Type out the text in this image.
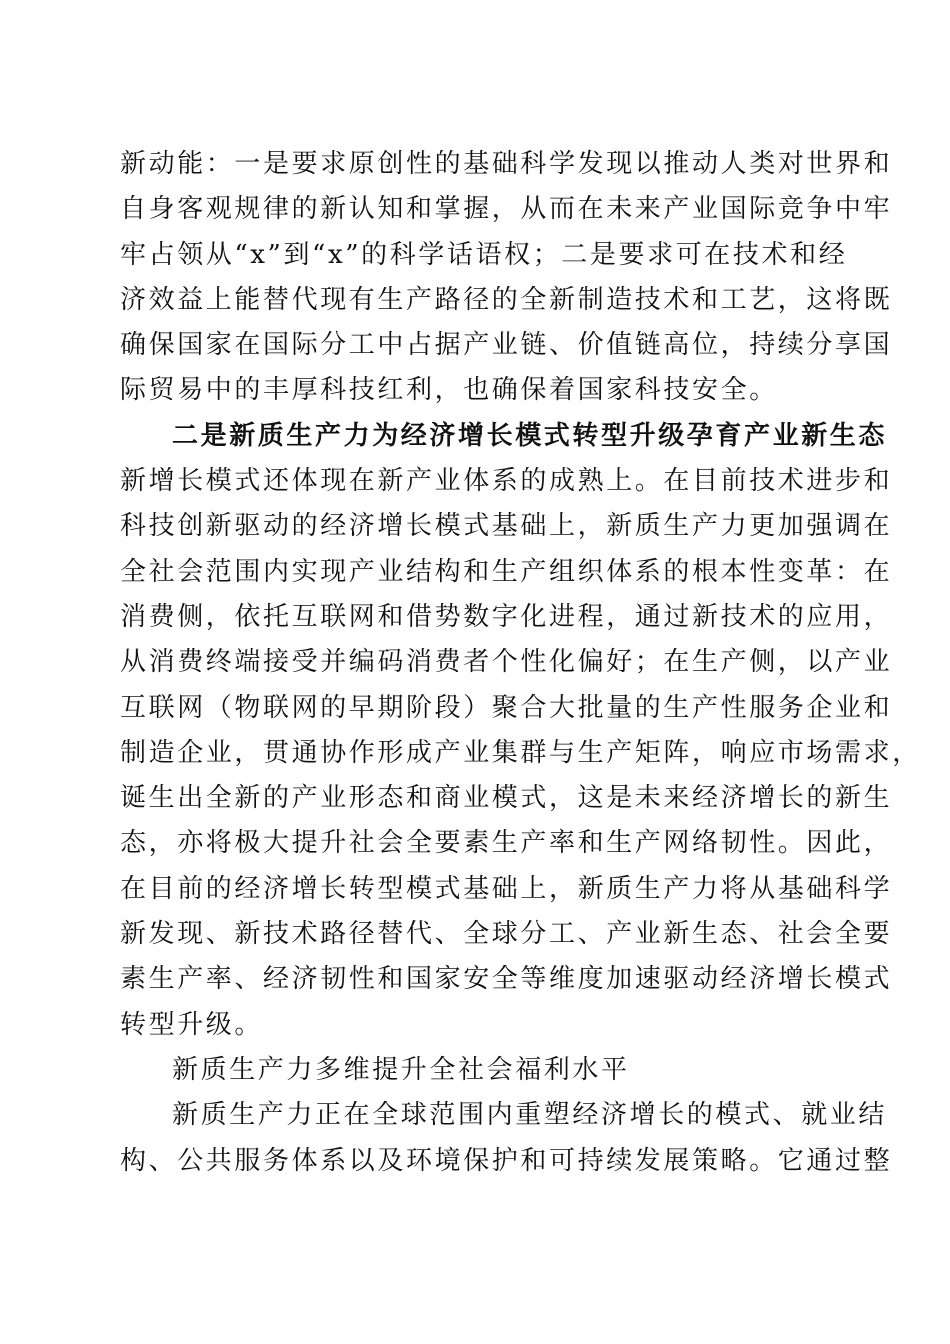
新动能：一是要求原创性的基础科学发现以推动人类对世界和

自身客观规律的新认知和掌握，从而在未来产业国际竞争中牢

牢占领从“x”到“x”的科学话语权；二是要求可在技术和经

济效益上能替代现有生产路径的全新制造技术和工艺，这将既

确保国家在国际分工中占据产业链、价值链高位，持续分享国

际贸易中的丰厚科技红利，也确保着国家科技安全。

二是新质生产力为经济增长模式转型升级孕育产业新生态

新增长模式还体现在新产业体系的成熟上。在目前技术进步和

科技创新驱动的经济增长模式基础上，新质生产力更加强调在

全社会范围内实现产业结构和生产组织体系的根本性变革：在

消费侧，依托互联网和借势数字化进程，通过新技术的应用，

从消费终端接受并编码消费者个性化偏好；在生产侧，以产业

互联网（物联网的早期阶段）聚合大批量的生产性服务企业和

制造企业，贯通协作形成产业集群与生产矩阵，响应市场需求，

诞生出全新的产业形态和商业模式，这是未来经济增长的新生

态，亦将极大提升社会全要素生产率和生产网络韧性。因此，

在目前的经济增长转型模式基础上，新质生产力将从基础科学

新发现、新技术路径替代、全球分工、产业新生态、社会全要

素生产率、经济韧性和国家安全等维度加速驱动经济增长模式

转型升级。

新质生产力多维提升全社会福利水平

新质生产力正在全球范围内重塑经济增长的模式、就业结

构、公共服务体系以及环境保护和可持续发展策略。它通过整
